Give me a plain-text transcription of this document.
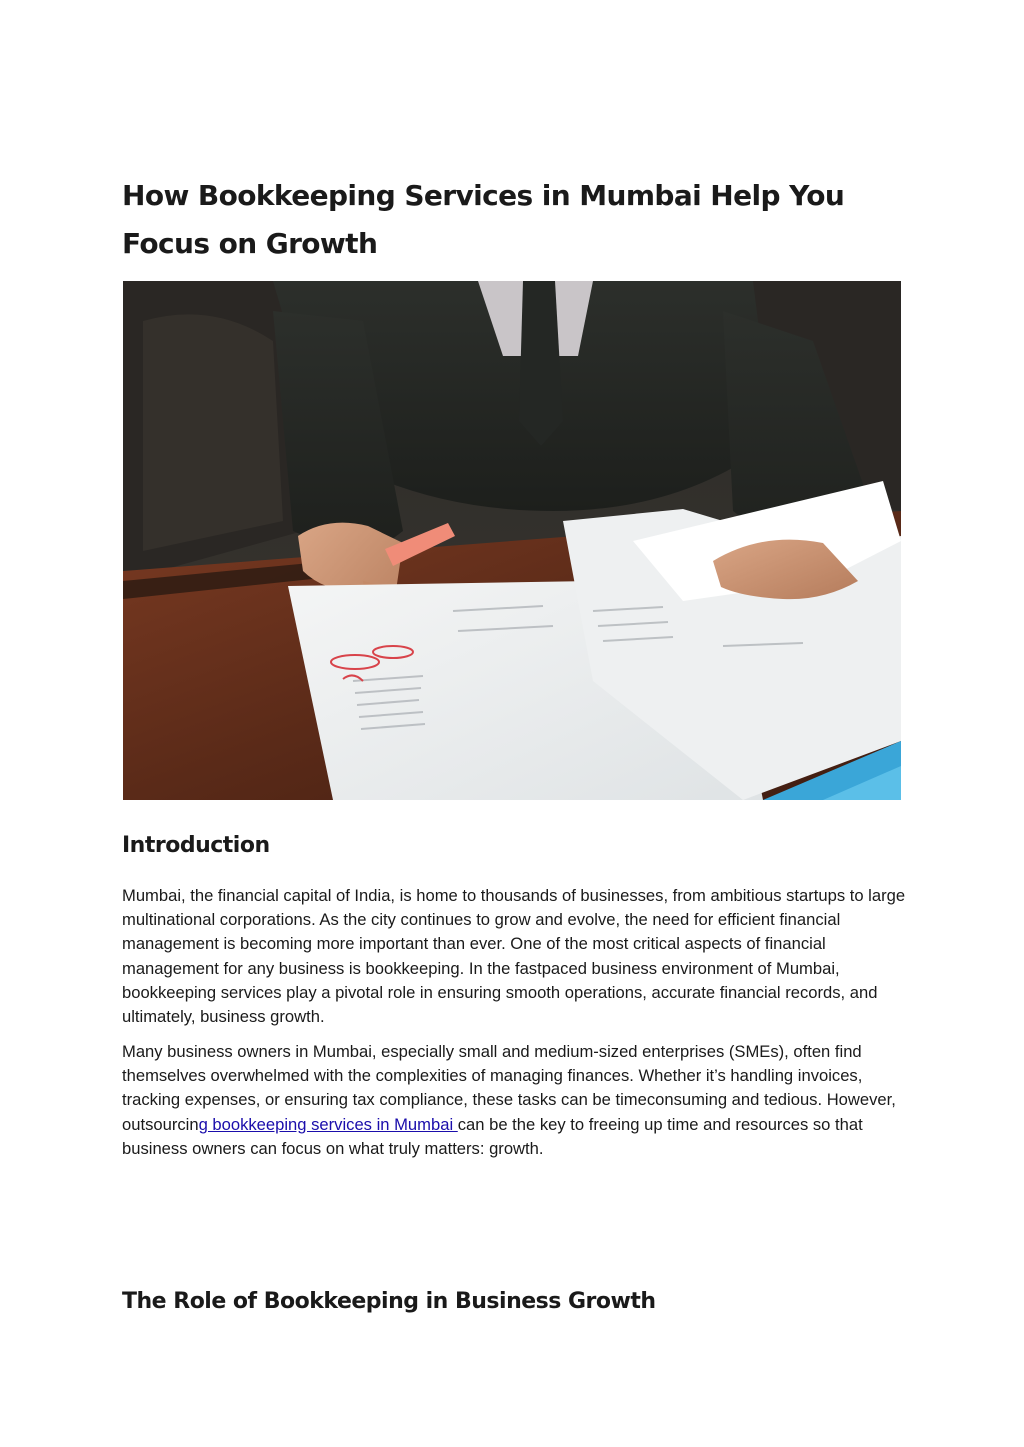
How Bookkeeping Services in Mumbai Help You Focus on Growth
Introduction

Mumbai, the financial capital of India, is home to thousands of businesses, from ambitious startups to large multinational corporations. As the city continues to grow and evolve, the need for efficient financial management is becoming more important than ever. One of the most critical aspects of financial management for any business is bookkeeping. In the fastpaced business environment of Mumbai, bookkeeping services play a pivotal role in ensuring smooth operations, accurate financial records, and ultimately, business growth.

Many business owners in Mumbai, especially small and medium-sized enterprises (SMEs), often find themselves overwhelmed with the complexities of managing finances. Whether it’s handling invoices, tracking expenses, or ensuring tax compliance, these tasks can be timeconsuming and tedious. However, outsourcing bookkeeping services in Mumbai can be the key to freeing up time and resources so that business owners can focus on what truly matters: growth.

The Role of Bookkeeping in Business Growth
